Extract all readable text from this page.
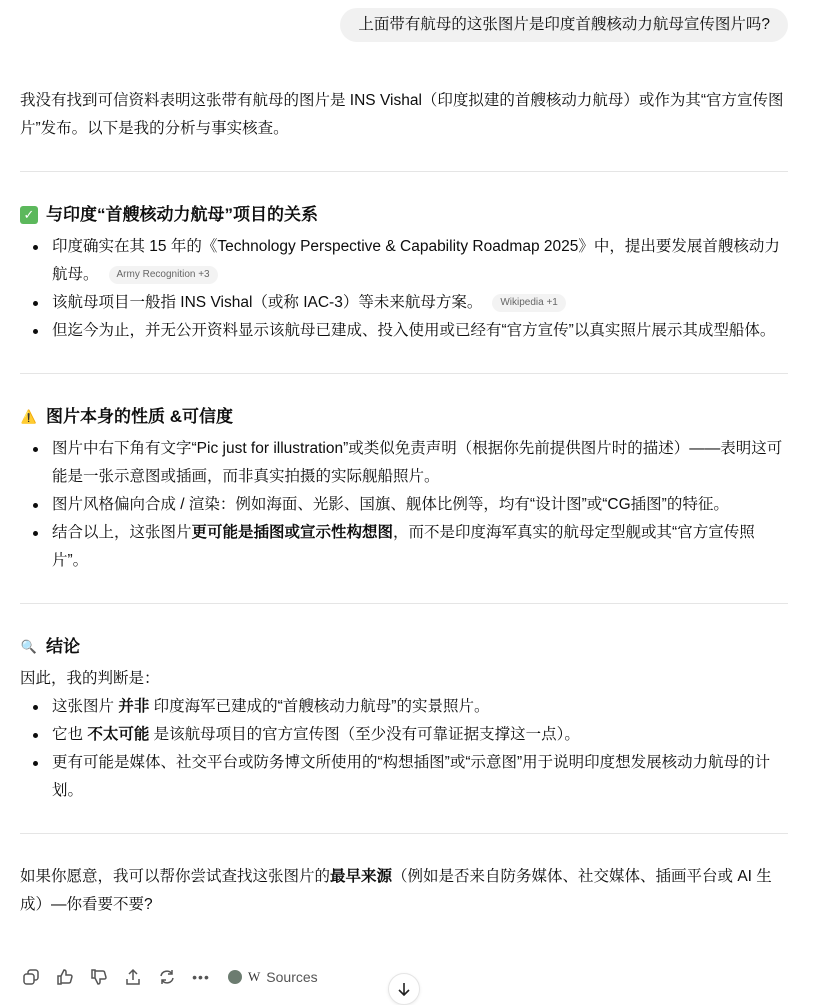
上面带有航母的这张图片是印度首艘核动力航母宣传图片吗?

我没有找到可信资料表明这张带有航母的图片是 INS Vishal（印度拟建的首艘核动力航母）或作为其“官方宣传图片”发布。以下是我的分析与事实核查。

✓ 与印度“首艘核动力航母”项目的关系
印度确实在其 15 年的《Technology Perspective & Capability Roadmap 2025》中，提出要发展首艘核动力航母。 Army Recognition +3
该航母项目一般指 INS Vishal（或称 IAC-3）等未来航母方案。 Wikipedia +1
但迄今为止，并无公开资料显示该航母已建成、投入使用或已经有“官方宣传”以真实照片展示其成型船体。
⚠️ 图片本身的性质 &可信度
图片中右下角有文字“Pic just for illustration”或类似免责声明（根据你先前提供图片时的描述）——表明这可能是一张示意图或插画，而非真实拍摄的实际舰船照片。
图片风格偏向合成 / 渲染：例如海面、光影、国旗、舰体比例等，均有“设计图”或“CG插图”的特征。
结合以上，这张图片更可能是插图或宣示性构想图，而不是印度海军真实的航母定型舰或其“官方宣传照片”。
🔍 结论

因此，我的判断是：

这张图片 并非 印度海军已建成的“首艘核动力航母”的实景照片。
它也 不太可能 是该航母项目的官方宣传图（至少没有可靠证据支撑这一点）。
更有可能是媒体、社交平台或防务博文所使用的“构想插图”或“示意图”用于说明印度想发展核动力航母的计划。

如果你愿意，我可以帮你尝试查找这张图片的最早来源（例如是否来自防务媒体、社交媒体、插画平台或 AI 生成）—你看要不要?

•••	W Sources
